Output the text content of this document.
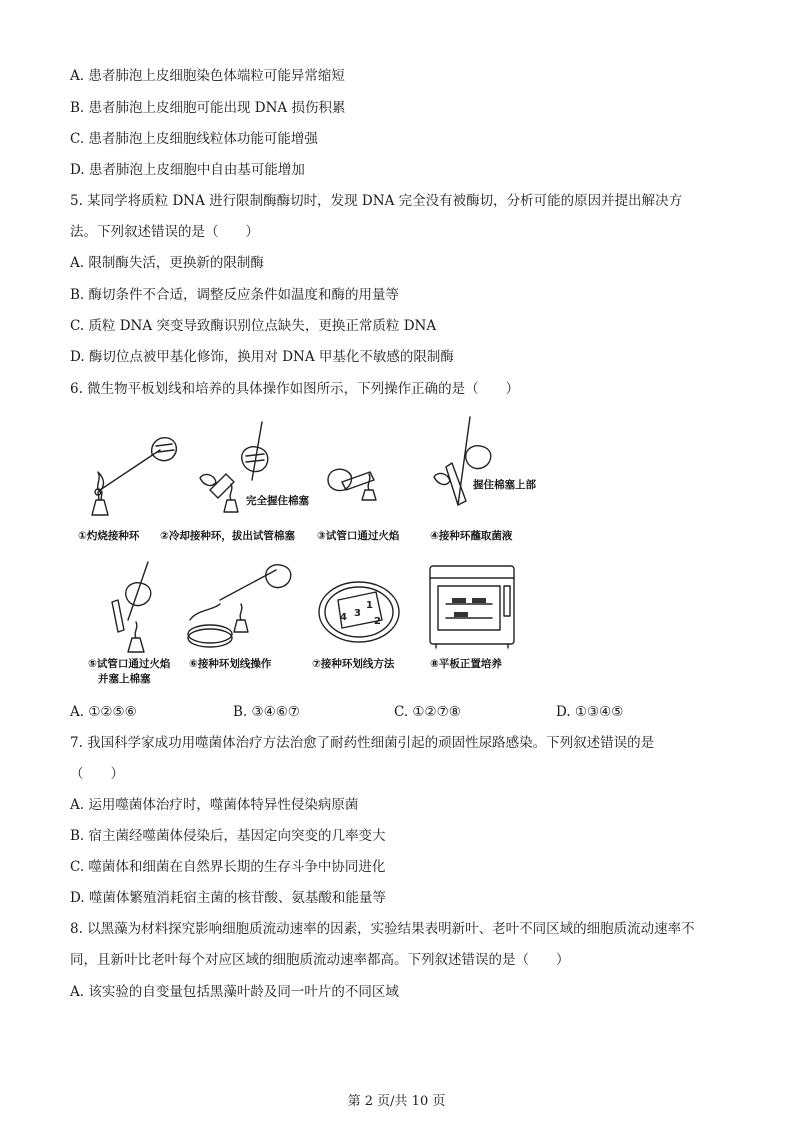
A. 患者肺泡上皮细胞染色体端粒可能异常缩短
B. 患者肺泡上皮细胞可能出现 DNA 损伤积累
C. 患者肺泡上皮细胞线粒体功能可能增强
D. 患者肺泡上皮细胞中自由基可能增加
5. 某同学将质粒 DNA 进行限制酶酶切时，发现 DNA 完全没有被酶切，分析可能的原因并提出解决方
法。下列叙述错误的是（　　）
A. 限制酶失活，更换新的限制酶
B. 酶切条件不合适，调整反应条件如温度和酶的用量等
C. 质粒 DNA 突变导致酶识别位点缺失，更换正常质粒 DNA
D. 酶切位点被甲基化修饰，换用对 DNA 甲基化不敏感的限制酶
6. 微生物平板划线和培养的具体操作如图所示，下列操作正确的是（　　）
完全握住棉塞
握住棉塞上部
①灼烧接种环 ②冷却接种环，拔出试管棉塞 ③试管口通过火焰	④接种环蘸取菌液
4 3
1
2
⑤试管口通过火焰
并塞上棉塞
⑥接种环划线操作	⑦接种环划线方法	⑧平板正置培养
A. ①②⑤⑥	B. ③④⑥⑦	C. ①②⑦⑧	D. ①③④⑤
7. 我国科学家成功用噬菌体治疗方法治愈了耐药性细菌引起的顽固性尿路感染。下列叙述错误的是
（　　）
A. 运用噬菌体治疗时，噬菌体特异性侵染病原菌
B. 宿主菌经噬菌体侵染后，基因定向突变的几率变大
C. 噬菌体和细菌在自然界长期的生存斗争中协同进化
D. 噬菌体繁殖消耗宿主菌的核苷酸、氨基酸和能量等
8. 以黑藻为材料探究影响细胞质流动速率的因素，实验结果表明新叶、老叶不同区域的细胞质流动速率不
同，且新叶比老叶每个对应区域的细胞质流动速率都高。下列叙述错误的是（　　）
A. 该实验的自变量包括黑藻叶龄及同一叶片的不同区域
第 2 页/共 10 页
